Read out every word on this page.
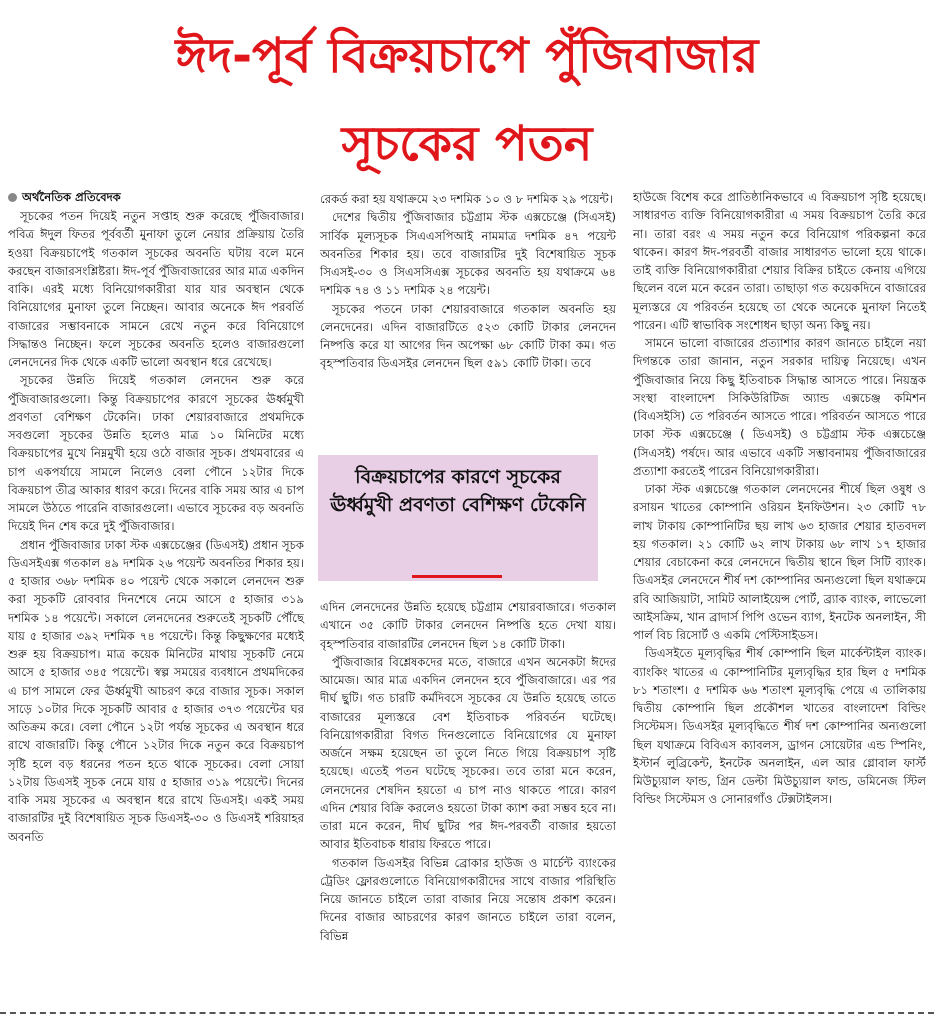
ঈদ-পূর্ব বিক্রয়চাপে পুঁজিবাজার
সূচকের পতন
অর্থনৈতিক প্রতিবেদক

সূচকের পতন দিয়েই নতুন সপ্তাহ শুরু করেছে পুঁজিবাজার। পবিত্র ঈদুল ফিতর পূর্ববর্তী মুনাফা তুলে নেয়ার প্রক্রিয়ায় তৈরি হওয়া বিক্রয়চাপেই গতকাল সূচকের অবনতি ঘটায় বলে মনে করছেন বাজারসংশ্লিষ্টরা। ঈদ-পূর্ব পুঁজিবাজারের আর মাত্র একদিন বাকি। এরই মধ্যে বিনিয়োগকারীরা যার যার অবস্থান থেকে বিনিয়োগের মুনাফা তুলে নিচ্ছেন। আবার অনেকে ঈদ পরবর্তি বাজারের সম্ভাবনাকে সামনে রেখে নতুন করে বিনিয়োগে সিদ্ধান্তও নিচ্ছেন। ফলে সূচকের অবনতি হলেও বাজারগুলো লেনদেনের দিক থেকে একটি ভালো অবস্থান ধরে রেখেছে।

সূচকের উন্নতি দিয়েই গতকাল লেনদেন শুরু করে পুঁজিবাজারগুলো। কিন্তু বিক্রয়চাপের কারণে সূচকের ঊর্ধ্বমুখী প্রবণতা বেশিক্ষণ টেকেনি। ঢাকা শেয়ারবাজারে প্রথমদিকে সবগুলো সূচকের উন্নতি হলেও মাত্র ১০ মিনিটের মধ্যে বিক্রয়চাপের মুখে নিম্নমুখী হয়ে ওঠে বাজার সূচক। প্রথমবারের এ চাপ একপর্যায়ে সামলে নিলেও বেলা পৌনে ১২টার দিকে বিক্রয়চাপ তীব্র আকার ধারণ করে। দিনের বাকি সময় আর এ চাপ সামলে উঠতে পারেনি বাজারগুলো। এভাবে সূচকের বড় অবনতি দিয়েই দিন শেষ করে দুই পুঁজিবাজার।

প্রধান পুঁজিবাজার ঢাকা স্টক এক্সচেঞ্জের (ডিএসই) প্রধান সূচক ডিএসইএক্স গতকাল ৪৯ দশমিক ২৬ পয়েন্ট অবনতির শিকার হয়। ৫ হাজার ৩৬৮ দশমিক ৪০ পয়েন্ট থেকে সকালে লেনদেন শুরু করা সূচকটি রোববার দিনশেষে নেমে আসে ৫ হাজার ৩১৯ দশমিক ১৪ পয়েন্টে। সকালে লেনদেনের শুরুতেই সূচকটি পৌঁছে যায় ৫ হাজার ৩৯২ দশমিক ৭৪ পয়েন্টে। কিন্তু কিছুক্ষণের মধ্যেই শুরু হয় বিক্রয়চাপ। মাত্র কয়েক মিনিটের মাথায় সূচকটি নেমে আসে ৫ হাজার ৩৪৫ পয়েন্টে। স্বল্প সময়ের ব্যবধানে প্রথমদিকের এ চাপ সামলে ফের ঊর্ধ্বমুখী আচরণ করে বাজার সূচক। সকাল সাড়ে ১০টার দিকে সূচকটি আবার ৫ হাজার ৩৭৩ পয়েন্টের ঘর অতিক্রম করে। বেলা পৌনে ১২টা পর্যন্ত সূচকের এ অবস্থান ধরে রাখে বাজারটি। কিন্তু পৌনে ১২টার দিকে নতুন করে বিক্রয়চাপ সৃষ্টি হলে বড় ধরনের পতন হতে থাকে সূচকের। বেলা সোয়া ১২টায় ডিএসই সূচক নেমে যায় ৫ হাজার ৩১৯ পয়েন্টে। দিনের বাকি সময় সূচকের এ অবস্থান ধরে রাখে ডিএসই। একই সময় বাজারটির দুই বিশেষায়িত সূচক ডিএসই-৩০ ও ডিএসই শরিয়াহর অবনতি

রেকর্ড করা হয় যথাক্রমে ২৩ দশমিক ১০ ও ৮ দশমিক ২৯ পয়েন্ট।

দেশের দ্বিতীয় পুঁজিবাজার চট্টগ্রাম স্টক এক্সচেঞ্জে (সিএসই) সার্বিক মূল্যসূচক সিএএসপিআই নামমাত্র দশমিক ৪৭ পয়েন্ট অবনতির শিকার হয়। তবে বাজারটির দুই বিশেষায়িত সূচক সিএসই-৩০ ও সিএসসিএক্স সূচকের অবনতি হয় যথাক্রমে ৬৪ দশমিক ৭৪ ও ১১ দশমিক ২৪ পয়েন্ট।

সূচকের পতনে ঢাকা শেয়ারবাজারে গতকাল অবনতি হয় লেনদেনের। এদিন বাজারটিতে ৫২৩ কোটি টাকার লেনদেন নিষ্পত্তি করে যা আগের দিন অপেক্ষা ৬৮ কোটি টাকা কম। গত বৃহস্পতিবার ডিএসইর লেনদেন ছিল ৫৯১ কোটি টাকা। তবে

বিক্রয়চাপের কারণে সূচকের ঊর্ধ্বমুখী প্রবণতা বেশিক্ষণ টেকেনি

এদিন লেনদেনের উন্নতি হয়েছে চট্টগ্রাম শেয়ারবাজারে। গতকাল এখানে ৩৫ কোটি টাকার লেনদেন নিষ্পত্তি হতে দেখা যায়। বৃহস্পতিবার বাজারটির লেনদেন ছিল ১৪ কোটি টাকা।

পুঁজিবাজার বিশ্লেষকদের মতে, বাজারে এখন অনেকটা ঈদের আমেজ। আর মাত্র একদিন লেনদেন হবে পুঁজিবাজারে। এর পর দীর্ঘ ছুটি। গত চারটি কর্মদিবসে সূচকের যে উন্নতি হয়েছে তাতে বাজারের মূল্যস্তরে বেশ ইতিবাচক পরিবর্তন ঘটেছে। বিনিয়োগকারীরা বিগত দিনগুলোতে বিনিয়োগের যে মুনাফা অর্জনে সক্ষম হয়েছেন তা তুলে নিতে গিয়ে বিক্রয়চাপ সৃষ্টি হয়েছে। এতেই পতন ঘটেছে সূচকের। তবে তারা মনে করেন, লেনদেনের শেষদিন হয়তো এ চাপ নাও থাকতে পারে। কারণ এদিন শেয়ার বিক্রি করলেও হয়তো টাকা ক্যাশ করা সম্ভব হবে না। তারা মনে করেন, দীর্ঘ ছুটির পর ঈদ-পরবর্তী বাজার হয়তো আবার ইতিবাচক ধারায় ফিরতে পারে।

গতকাল ডিএসইর বিভিন্ন ব্রোকার হাউজ ও মার্চেন্ট ব্যাংকের ট্রেডিং ফ্লোরগুলোতে বিনিয়োগকারীদের সাথে বাজার পরিস্থিতি নিয়ে জানতে চাইলে তারা বাজার নিয়ে সন্তোষ প্রকাশ করেন। দিনের বাজার আচরণের কারণ জানতে চাইলে তারা বলেন, বিভিন্ন

হাউজে বিশেষ করে প্রাতিষ্ঠানিকভাবে এ বিক্রয়চাপ সৃষ্টি হয়েছে। সাধারণত ব্যক্তি বিনিয়োগকারীরা এ সময় বিক্রয়চাপ তৈরি করে না। তারা বরং এ সময় নতুন করে বিনিয়োগ পরিকল্পনা করে থাকেন। কারণ ঈদ-পরবর্তী বাজার সাধারণত ভালো হয়ে থাকে। তাই ব্যক্তি বিনিয়োগকারীরা শেয়ার বিক্রির চাইতে কেনায় এগিয়ে ছিলেন বলে মনে করেন তারা। তাছাড়া গত কয়েকদিনে বাজারের মূল্যস্তরে যে পরিবর্তন হয়েছে তা থেকে অনেকে মুনাফা নিতেই পারেন। এটি স্বাভাবিক সংশোধন ছাড়া অন্য কিছু নয়।

সামনে ভালো বাজারের প্রত্যাশার কারণ জানতে চাইলে নয়া দিগন্তকে তারা জানান, নতুন সরকার দায়িত্ব নিয়েছে। এখন পুঁজিবাজার নিয়ে কিছু ইতিবাচক সিদ্ধান্ত আসতে পারে। নিয়ন্ত্রক সংস্থা বাংলাদেশ সিকিউরিটিজ অ্যান্ড এক্সচেঞ্জ কমিশন (বিএসইসি) তে পরিবর্তন আসতে পারে। পরিবর্তন আসতে পারে ঢাকা স্টক এক্সচেঞ্জে ( ডিএসই) ও চট্টগ্রাম স্টক এক্সচেঞ্জে (সিএসই) পর্ষদে। আর এভাবে একটি সম্ভাবনাময় পুঁজিবাজারের প্রত্যাশা করতেই পারেন বিনিয়োগকারীরা।

ঢাকা স্টক এক্সচেঞ্জে গতকাল লেনদেনের শীর্ষে ছিল ওষুধ ও রসায়ন খাতের কোম্পানি ওরিয়ন ইনফিউশন। ২৩ কোটি ৭৮ লাখ টাকায় কোম্পানিটির ছয় লাখ ৬৩ হাজার শেয়ার হাতবদল হয় গতকাল। ২১ কোটি ৬২ লাখ টাকায় ৬৮ লাখ ১৭ হাজার শেয়ার বেচাকেনা করে লেনদেনে দ্বিতীয় স্থানে ছিল সিটি ব্যাংক। ডিএসইর লেনদেনে শীর্ষ দশ কোম্পানির অন্যগুলো ছিল যথাক্রমে রবি আজিয়াটা, সামিট আলাইয়েন্স পোর্ট, ব্র্যাক ব্যাংক, লাভেলো আইসক্রিম, খান ব্রাদার্স পিপি ওভেন ব্যাগ, ইনটেক অনলাইন, সী পার্ল বিচ রিসোর্ট ও একমি পেস্টিসাইডস।

ডিএসইতে মূল্যবৃদ্ধির শীর্ষ কোম্পানি ছিল মার্কেন্টাইল ব্যাংক। ব্যাংকিং খাতের এ কোম্পানিটির মূল্যবৃদ্ধির হার ছিল ৫ দশমিক ৮১ শতাংশ। ৫ দশমিক ৬৬ শতাংশ মূল্যবৃদ্ধি পেয়ে এ তালিকায় দ্বিতীয় কোম্পানি ছিল প্রকৌশল খাতের বাংলাদেশ বিল্ডিং সিস্টেমস। ডিএসইর মূল্যবৃদ্ধিতে শীর্ষ দশ কোম্পানির অন্যগুলো ছিল যথাক্রমে বিবিএস ক্যাবলস, ড্রাগন সোয়েটার এন্ড স্পিনিং, ইস্টার্ন লুব্রিকেন্ট, ইনটেক অনলাইন, এল আর গ্লোবাল ফার্স্ট মিউচ্যুয়াল ফান্ড, গ্রিন ডেল্টা মিউচ্যুয়াল ফান্ড, ডমিনেজ স্টিল বিল্ডিং সিস্টেমস ও সোনারগাঁও টেক্সটাইলস।
